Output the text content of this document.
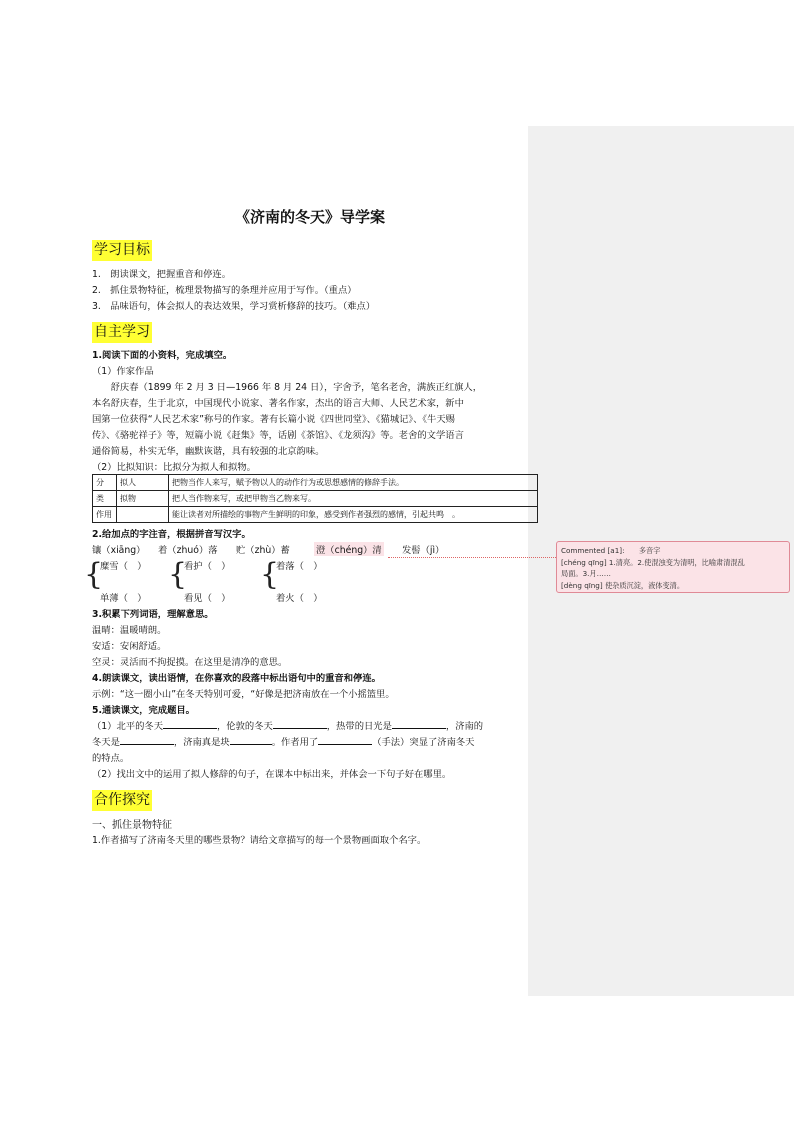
《济南的冬天》导学案
学习目标
1.　朗读课文，把握重音和停连。
2.　抓住景物特征，梳理景物描写的条理并应用于写作。（重点）
3.　品味语句，体会拟人的表达效果，学习赏析修辞的技巧。（难点）
自主学习
1.阅读下面的小资料，完成填空。
（1）作家作品
　　舒庆春（1899 年 2 月 3 日—1966 年 8 月 24 日），字舍予，笔名老舍，满族正红旗人，
本名舒庆春，生于北京，中国现代小说家、著名作家，杰出的语言大师、人民艺术家，新中
国第一位获得“人民艺术家”称号的作家。著有长篇小说《四世同堂》、《猫城记》、《牛天赐
传》、《骆驼祥子》等，短篇小说《赶集》等，话剧《茶馆》、《龙须沟》等。老舍的文学语言
通俗简易，朴实无华，幽默诙谐，具有较强的北京韵味。
（2）比拟知识：比拟分为拟人和拟物。
分	拟人	把物当作人来写，赋予物以人的动作行为或思想感情的修辞手法。
类	拟物	把人当作物来写，或把甲物当乙物来写。
作用		能让读者对所描绘的事物产生鲜明的印象，感受到作者强烈的感情，引起共鸣　。
2.给加点的字注音，根据拼音写汉字。
镶（xiāng） 着（zhuó）落 贮（zhù）蓄	澄（chéng）清 发髻（jì）
{
糜雪（　）
单薄（　）
{
看护（　）
看见（　）
{
着落（　）
着火（　）
3.积累下列词语，理解意思。
温晴：温暖晴朗。
安适：安闲舒适。
空灵：灵活而不拘捉摸。在这里是清净的意思。
4.朗读课文，读出语情，在你喜欢的段落中标出语句中的重音和停连。
示例：“这一圈小山”在冬天特别可爱，“好像是把济南放在一个小摇篮里。
5.通读课文，完成题目。
（1）北平的冬天	，伦敦的冬天	，热带的日光是	，济南的
冬天是	，济南真是块	。作者用了	（手法）突显了济南冬天
的特点。
（2）找出文中的运用了拟人修辞的句子，在课本中标出来，并体会一下句子好在哪里。
合作探究
一、抓住景物特征
1.作者描写了济南冬天里的哪些景物？请给文章描写的每一个景物画面取个名字。
Commented [a1]:　　多音字
[chéng qīng] 1.清亮。2.使混浊变为清明，比喻肃清混乱
局面。3.月……
[dèng qīng] 使杂质沉淀，液体变清。
